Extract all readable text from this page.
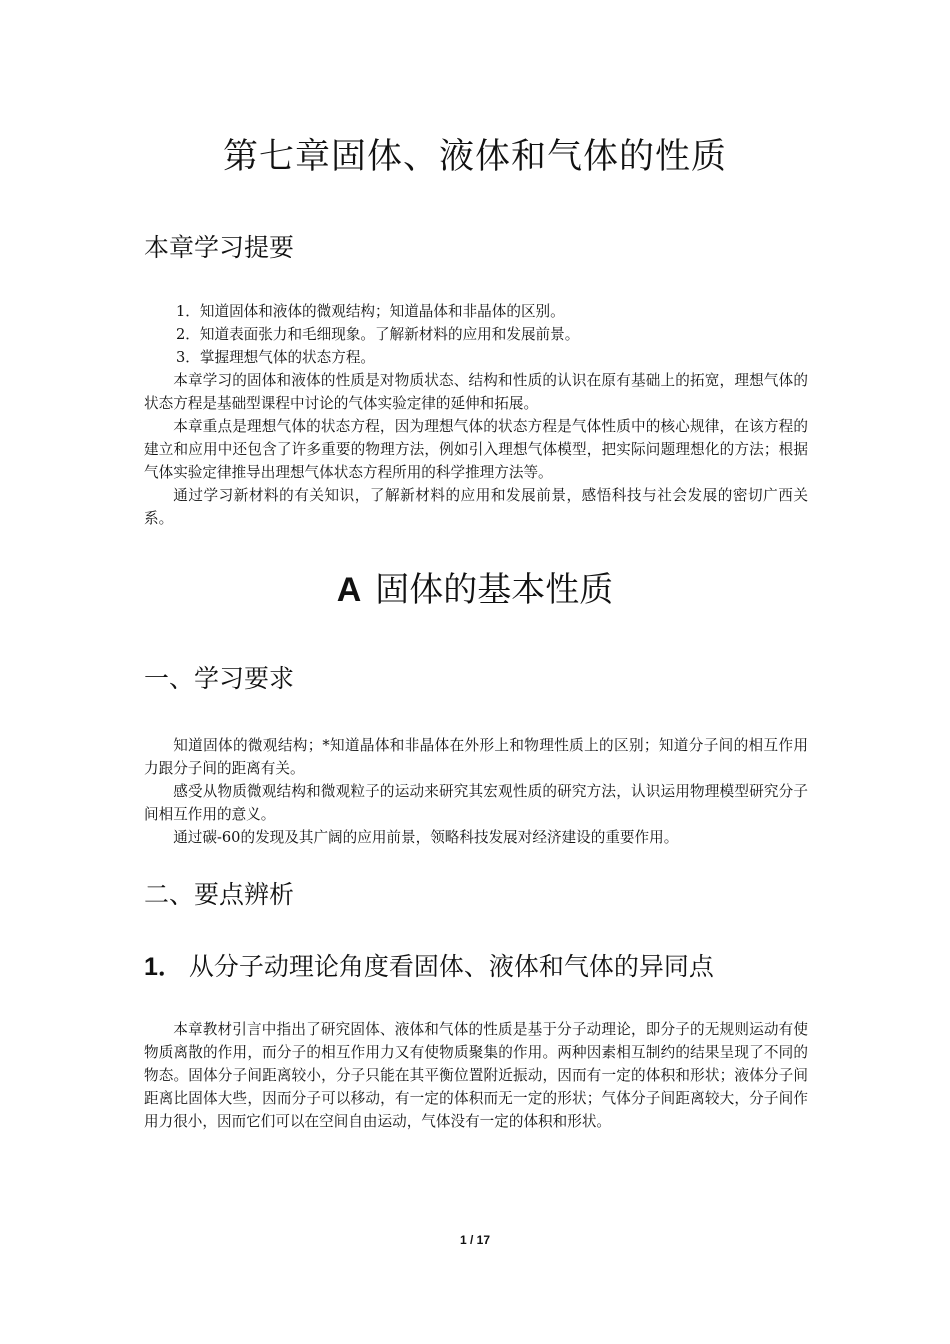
第七章固体、液体和气体的性质
本章学习提要

1．知道固体和液体的微观结构；知道晶体和非晶体的区别。

2．知道表面张力和毛细现象。了解新材料的应用和发展前景。

3．掌握理想气体的状态方程。

本章学习的固体和液体的性质是对物质状态、结构和性质的认识在原有基础上的拓宽，理想气体的状态方程是基础型课程中讨论的气体实验定律的延伸和拓展。

本章重点是理想气体的状态方程，因为理想气体的状态方程是气体性质中的核心规律，在该方程的建立和应用中还包含了许多重要的物理方法，例如引入理想气体模型，把实际问题理想化的方法；根据气体实验定律推导出理想气体状态方程所用的科学推理方法等。

通过学习新材料的有关知识，了解新材料的应用和发展前景，感悟科技与社会发展的密切广西关系。

A 固体的基本性质
一、学习要求

知道固体的微观结构；*知道晶体和非晶体在外形上和物理性质上的区别；知道分子间的相互作用力跟分子间的距离有关。

感受从物质微观结构和微观粒子的运动来研究其宏观性质的研究方法，认识运用物理模型研究分子间相互作用的意义。

通过碳-60的发现及其广阔的应用前景，领略科技发展对经济建设的重要作用。

二、要点辨析
1． 从分子动理论角度看固体、液体和气体的异同点

本章教材引言中指出了研究固体、液体和气体的性质是基于分子动理论，即分子的无规则运动有使物质离散的作用，而分子的相互作用力又有使物质聚集的作用。两种因素相互制约的结果呈现了不同的物态。固体分子间距离较小，分子只能在其平衡位置附近振动，因而有一定的体积和形状；液体分子间距离比固体大些，因而分子可以移动，有一定的体积而无一定的形状；气体分子间距离较大，分子间作用力很小，因而它们可以在空间自由运动，气体没有一定的体积和形状。

1 / 17
